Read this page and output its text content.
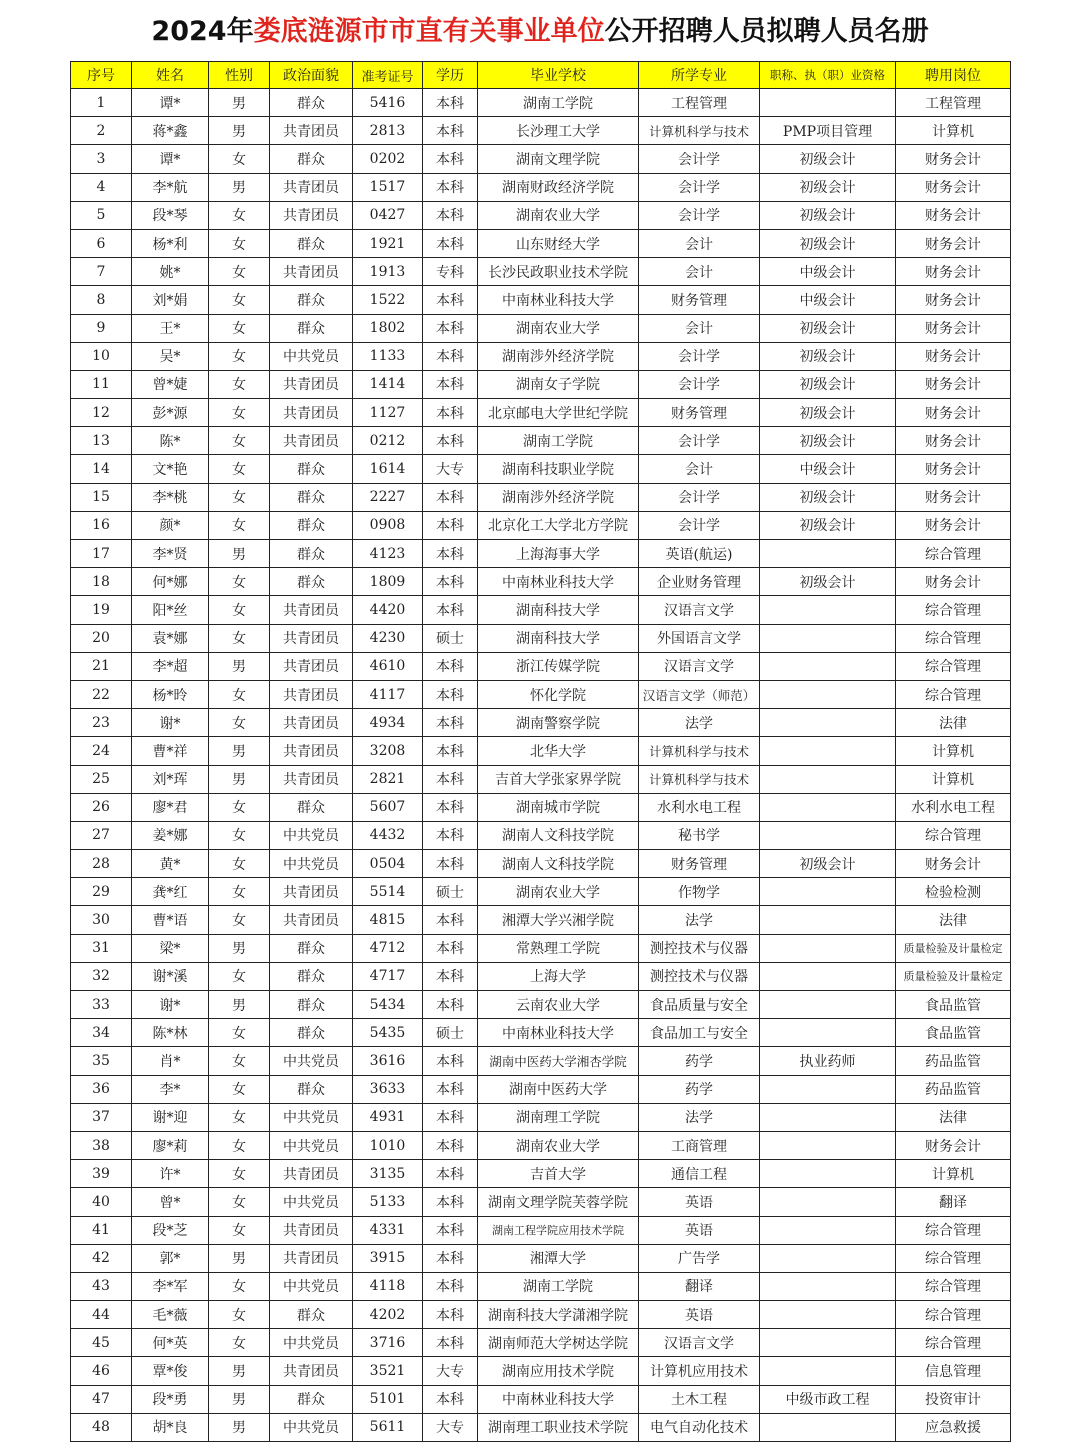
2024年娄底涟源市市直有关事业单位公开招聘人员拟聘人员名册
序号	姓名	性别	政治面貌	准考证号	学历	毕业学校	所学专业	职称、执（职）业资格	聘用岗位
1	谭*	男	群众	5416	本科	湖南工学院	工程管理		工程管理
2	蒋*鑫	男	共青团员	2813	本科	长沙理工大学	计算机科学与技术	PMP项目管理	计算机
3	谭*	女	群众	0202	本科	湖南文理学院	会计学	初级会计	财务会计
4	李*航	男	共青团员	1517	本科	湖南财政经济学院	会计学	初级会计	财务会计
5	段*琴	女	共青团员	0427	本科	湖南农业大学	会计学	初级会计	财务会计
6	杨*利	女	群众	1921	本科	山东财经大学	会计	初级会计	财务会计
7	姚*	女	共青团员	1913	专科	长沙民政职业技术学院	会计	中级会计	财务会计
8	刘*娟	女	群众	1522	本科	中南林业科技大学	财务管理	中级会计	财务会计
9	王*	女	群众	1802	本科	湖南农业大学	会计	初级会计	财务会计
10	吴*	女	中共党员	1133	本科	湖南涉外经济学院	会计学	初级会计	财务会计
11	曾*婕	女	共青团员	1414	本科	湖南女子学院	会计学	初级会计	财务会计
12	彭*源	女	共青团员	1127	本科	北京邮电大学世纪学院	财务管理	初级会计	财务会计
13	陈*	女	共青团员	0212	本科	湖南工学院	会计学	初级会计	财务会计
14	文*艳	女	群众	1614	大专	湖南科技职业学院	会计	中级会计	财务会计
15	李*桃	女	群众	2227	本科	湖南涉外经济学院	会计学	初级会计	财务会计
16	颜*	女	群众	0908	本科	北京化工大学北方学院	会计学	初级会计	财务会计
17	李*贤	男	群众	4123	本科	上海海事大学	英语(航运)		综合管理
18	何*娜	女	群众	1809	本科	中南林业科技大学	企业财务管理	初级会计	财务会计
19	阳*丝	女	共青团员	4420	本科	湖南科技大学	汉语言文学		综合管理
20	袁*娜	女	共青团员	4230	硕士	湖南科技大学	外国语言文学		综合管理
21	李*超	男	共青团员	4610	本科	浙江传媒学院	汉语言文学		综合管理
22	杨*昤	女	共青团员	4117	本科	怀化学院	汉语言文学（师范）		综合管理
23	谢*	女	共青团员	4934	本科	湖南警察学院	法学		法律
24	曹*祥	男	共青团员	3208	本科	北华大学	计算机科学与技术		计算机
25	刘*珲	男	共青团员	2821	本科	吉首大学张家界学院	计算机科学与技术		计算机
26	廖*君	女	群众	5607	本科	湖南城市学院	水利水电工程		水利水电工程
27	姜*娜	女	中共党员	4432	本科	湖南人文科技学院	秘书学		综合管理
28	黄*	女	中共党员	0504	本科	湖南人文科技学院	财务管理	初级会计	财务会计
29	龚*红	女	共青团员	5514	硕士	湖南农业大学	作物学		检验检测
30	曹*语	女	共青团员	4815	本科	湘潭大学兴湘学院	法学		法律
31	梁*	男	群众	4712	本科	常熟理工学院	测控技术与仪器		质量检验及计量检定
32	谢*溪	女	群众	4717	本科	上海大学	测控技术与仪器		质量检验及计量检定
33	谢*	男	群众	5434	本科	云南农业大学	食品质量与安全		食品监管
34	陈*林	女	群众	5435	硕士	中南林业科技大学	食品加工与安全		食品监管
35	肖*	女	中共党员	3616	本科	湖南中医药大学湘杏学院	药学	执业药师	药品监管
36	李*	女	群众	3633	本科	湖南中医药大学	药学		药品监管
37	谢*迎	女	中共党员	4931	本科	湖南理工学院	法学		法律
38	廖*莉	女	中共党员	1010	本科	湖南农业大学	工商管理		财务会计
39	许*	女	共青团员	3135	本科	吉首大学	通信工程		计算机
40	曾*	女	中共党员	5133	本科	湖南文理学院芙蓉学院	英语		翻译
41	段*芝	女	共青团员	4331	本科	湖南工程学院应用技术学院	英语		综合管理
42	郭*	男	共青团员	3915	本科	湘潭大学	广告学		综合管理
43	李*军	女	中共党员	4118	本科	湖南工学院	翻译		综合管理
44	毛*薇	女	群众	4202	本科	湖南科技大学潇湘学院	英语		综合管理
45	何*英	女	中共党员	3716	本科	湖南师范大学树达学院	汉语言文学		综合管理
46	覃*俊	男	共青团员	3521	大专	湖南应用技术学院	计算机应用技术		信息管理
47	段*勇	男	群众	5101	本科	中南林业科技大学	土木工程	中级市政工程	投资审计
48	胡*良	男	中共党员	5611	大专	湖南理工职业技术学院	电气自动化技术		应急救援
